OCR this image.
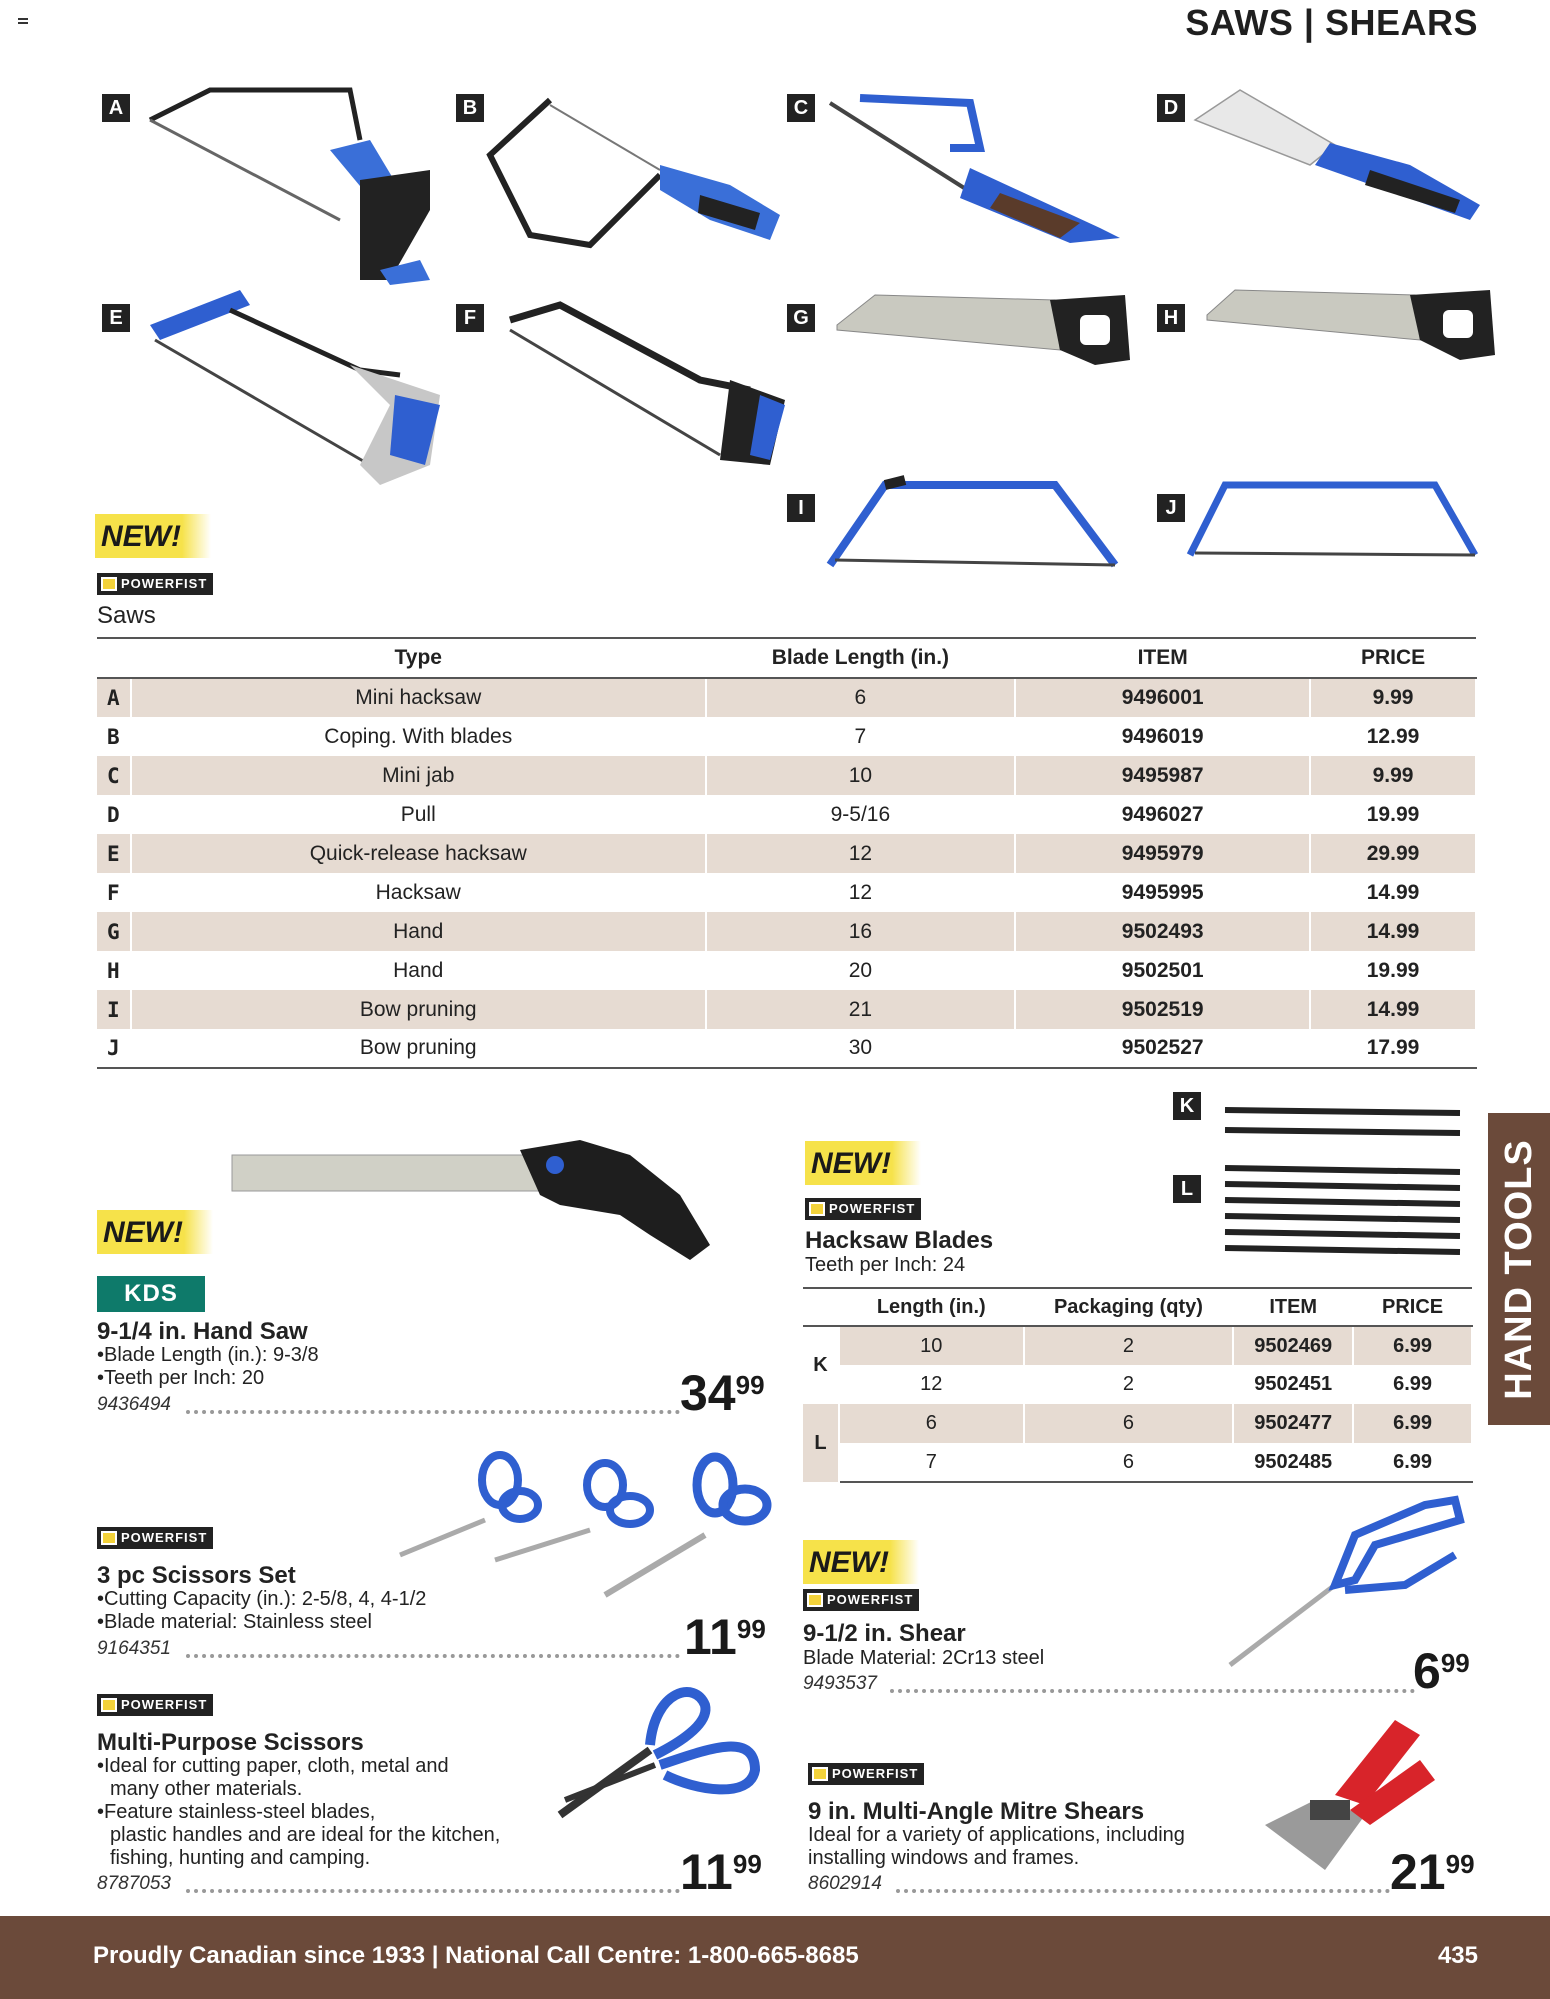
SAWS | SHEARS
A	B	C	D
E	F	G	H
I	J
NEW!
POWERFIST
Saws
	Type	Blade Length (in.)	ITEM	PRICE
A	Mini hacksaw	6	9496001	9.99
B	Coping. With blades	7	9496019	12.99
C	Mini jab	10	9495987	9.99
D	Pull	9-5/16	9496027	19.99
E	Quick-release hacksaw	12	9495979	29.99
F	Hacksaw	12	9495995	14.99
G	Hand	16	9502493	14.99
H	Hand	20	9502501	19.99
I	Bow pruning	21	9502519	14.99
J	Bow pruning	30	9502527	17.99
NEW!
KDS
9-1/4 in. Hand Saw
•Blade Length (in.): 9-3/8
•Teeth per Inch: 20
9436494	3499
K
L
NEW!
POWERFIST
Hacksaw Blades
Teeth per Inch: 24
	Length (in.)	Packaging (qty)	ITEM	PRICE
K	10	2	9502469	6.99
	12	2	9502451	6.99
L	6	6	9502477	6.99
	7	6	9502485	6.99
POWERFIST
3 pc Scissors Set
•Cutting Capacity (in.): 2-5/8, 4, 4-1/2
•Blade material: Stainless steel
9164351	1199
POWERFIST
Multi-Purpose Scissors
•Ideal for cutting paper, cloth, metal and
many other materials.
•Feature stainless-steel blades,
plastic handles and are ideal for the kitchen,
fishing, hunting and camping.
8787053	1199
NEW!
POWERFIST
9-1/2 in. Shear
Blade Material: 2Cr13 steel
9493537	699
POWERFIST
9 in. Multi-Angle Mitre Shears
Ideal for a variety of applications, including
installing windows and frames.
8602914	2199
HAND TOOLS
Proudly Canadian since 1933 | National Call Centre: 1-800-665-8685	435
